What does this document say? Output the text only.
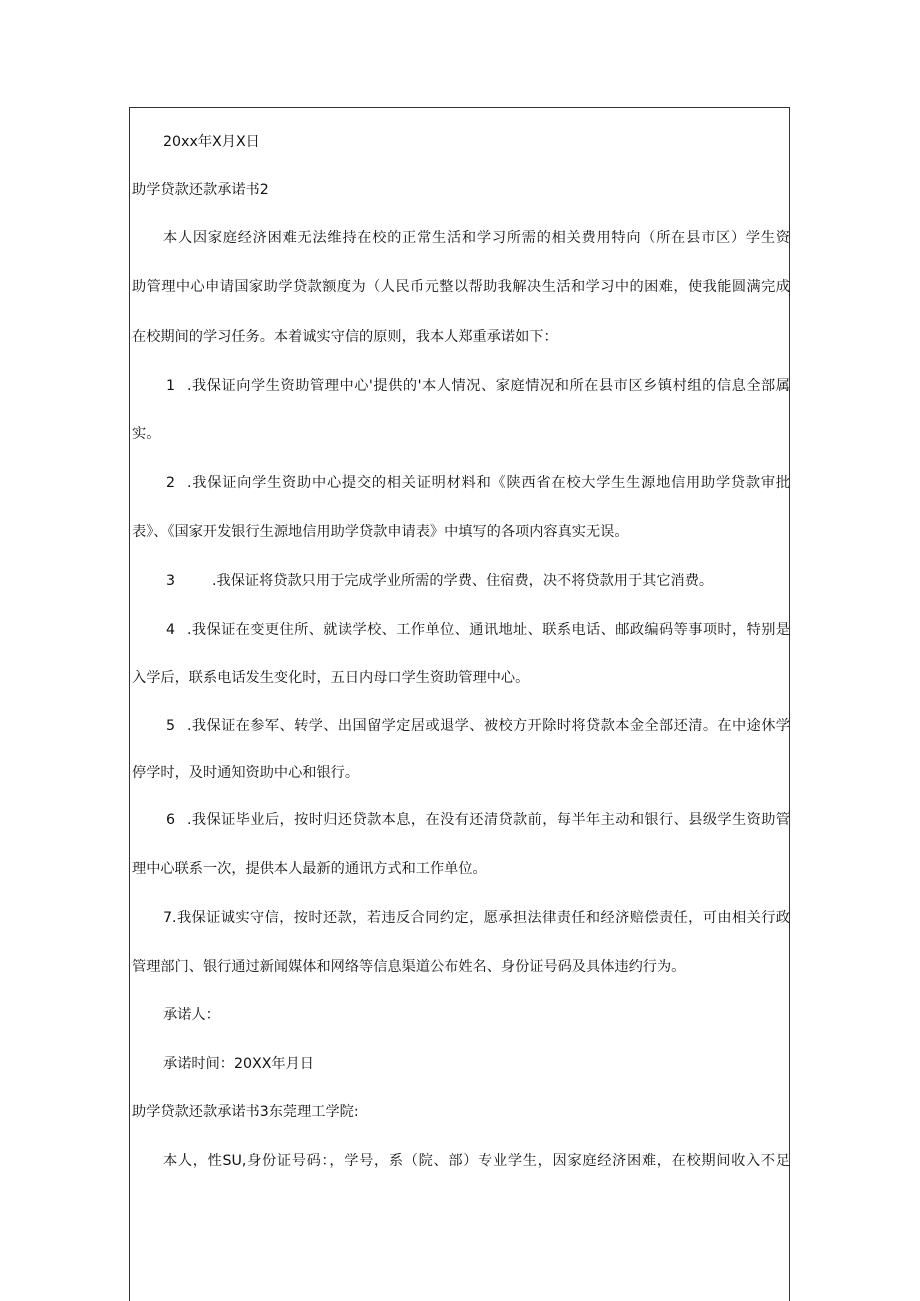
20xx年X月X日
助学贷款还款承诺书2
本人因家庭经济困难无法维持在校的正常生活和学习所需的相关费用特向（所在县市区）学生资
助管理中心申请国家助学贷款额度为（人民币元整以帮助我解决生活和学习中的困难，使我能圆满完成
在校期间的学习任务。本着诚实守信的原则，我本人郑重承诺如下：
1 .我保证向学生资助管理中心'提供的'本人情况、家庭情况和所在县市区乡镇村组的信息全部属
实。
2 .我保证向学生资助中心提交的相关证明材料和《陕西省在校大学生生源地信用助学贷款审批
表》、《国家开发银行生源地信用助学贷款申请表》中填写的各项内容真实无误。
3	.我保证将贷款只用于完成学业所需的学费、住宿费，决不将贷款用于其它消费。
4 .我保证在变更住所、就读学校、工作单位、通讯地址、联系电话、邮政编码等事项时，特别是
入学后，联系电话发生变化时，五日内母口学生资助管理中心。
5 .我保证在参军、转学、出国留学定居或退学、被校方开除时将贷款本金全部还清。在中途休学
停学时，及时通知资助中心和银行。
6 .我保证毕业后，按时归还贷款本息，在没有还清贷款前，每半年主动和银行、县级学生资助管
理中心联系一次，提供本人最新的通讯方式和工作单位。
7.我保证诚实守信，按时还款，若违反合同约定，愿承担法律责任和经济赔偿责任，可由相关行政
管理部门、银行通过新闻媒体和网络等信息渠道公布姓名、身份证号码及具体违约行为。
承诺人：
承诺时间：20XX年月日
助学贷款还款承诺书3东莞理工学院:
本人，性SU,身份证号码：，学号，系（院、部）专业学生，因家庭经济困难，在校期间收入不足
